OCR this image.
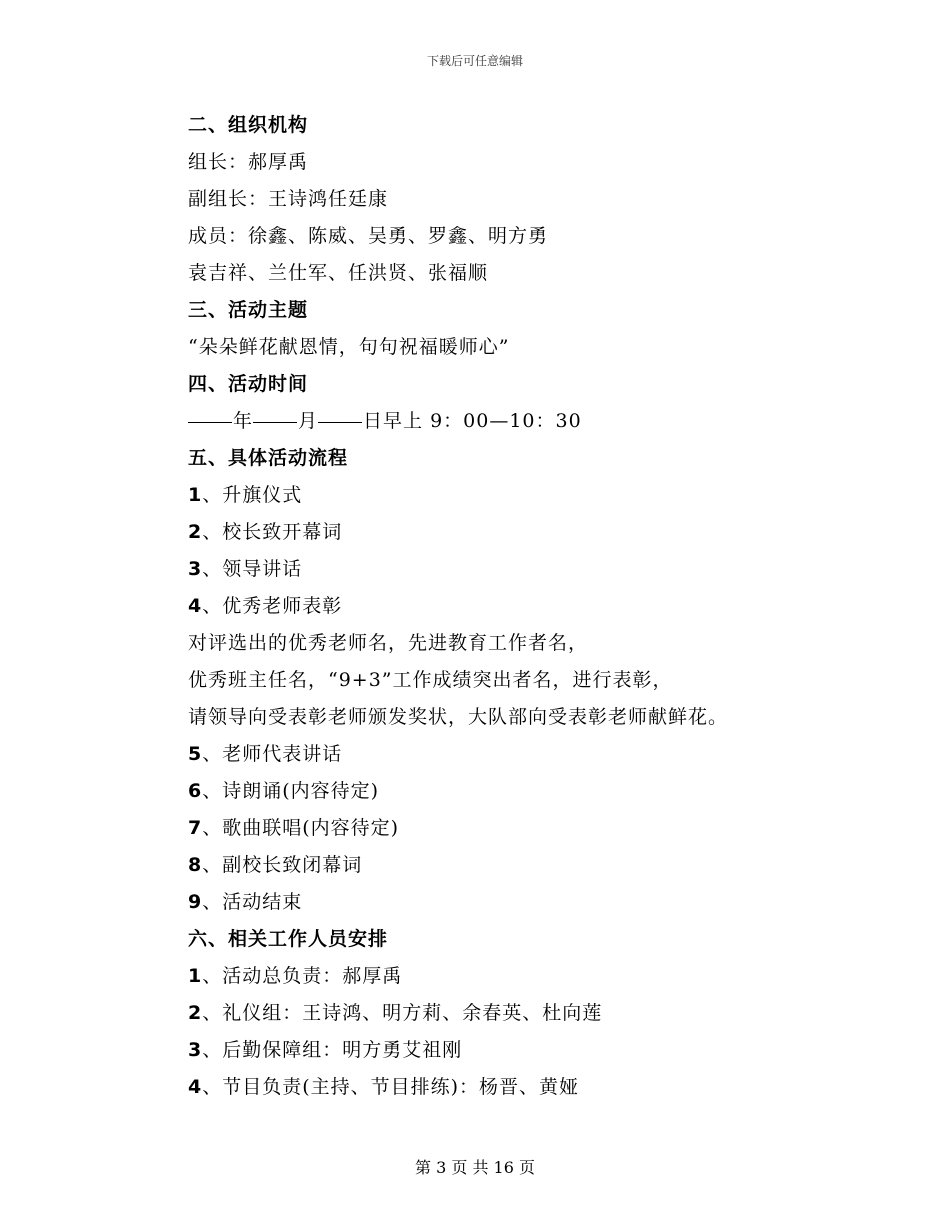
下载后可任意编辑
二、组织机构
组长：郝厚禹
副组长：王诗鸿任廷康
成员：徐鑫、陈威、吴勇、罗鑫、明方勇
袁吉祥、兰仕军、任洪贤、张福顺
三、活动主题
“朵朵鲜花献恩情，句句祝福暖师心”
四、活动时间
年 月 日早上 9：00—10：30
五、具体活动流程
1、升旗仪式
2、校长致开幕词
3、领导讲话
4、优秀老师表彰
对评选出的优秀老师名，先进教育工作者名，
优秀班主任名，“9+3”工作成绩突出者名，进行表彰，
请领导向受表彰老师颁发奖状，大队部向受表彰老师献鲜花。
5、老师代表讲话
6、诗朗诵(内容待定)
7、歌曲联唱(内容待定)
8、副校长致闭幕词
9、活动结束
六、相关工作人员安排
1、活动总负责：郝厚禹
2、礼仪组：王诗鸿、明方莉、余春英、杜向莲
3、后勤保障组：明方勇艾祖刚
4、节目负责(主持、节目排练)：杨晋、黄娅
第 3 页 共 16 页
